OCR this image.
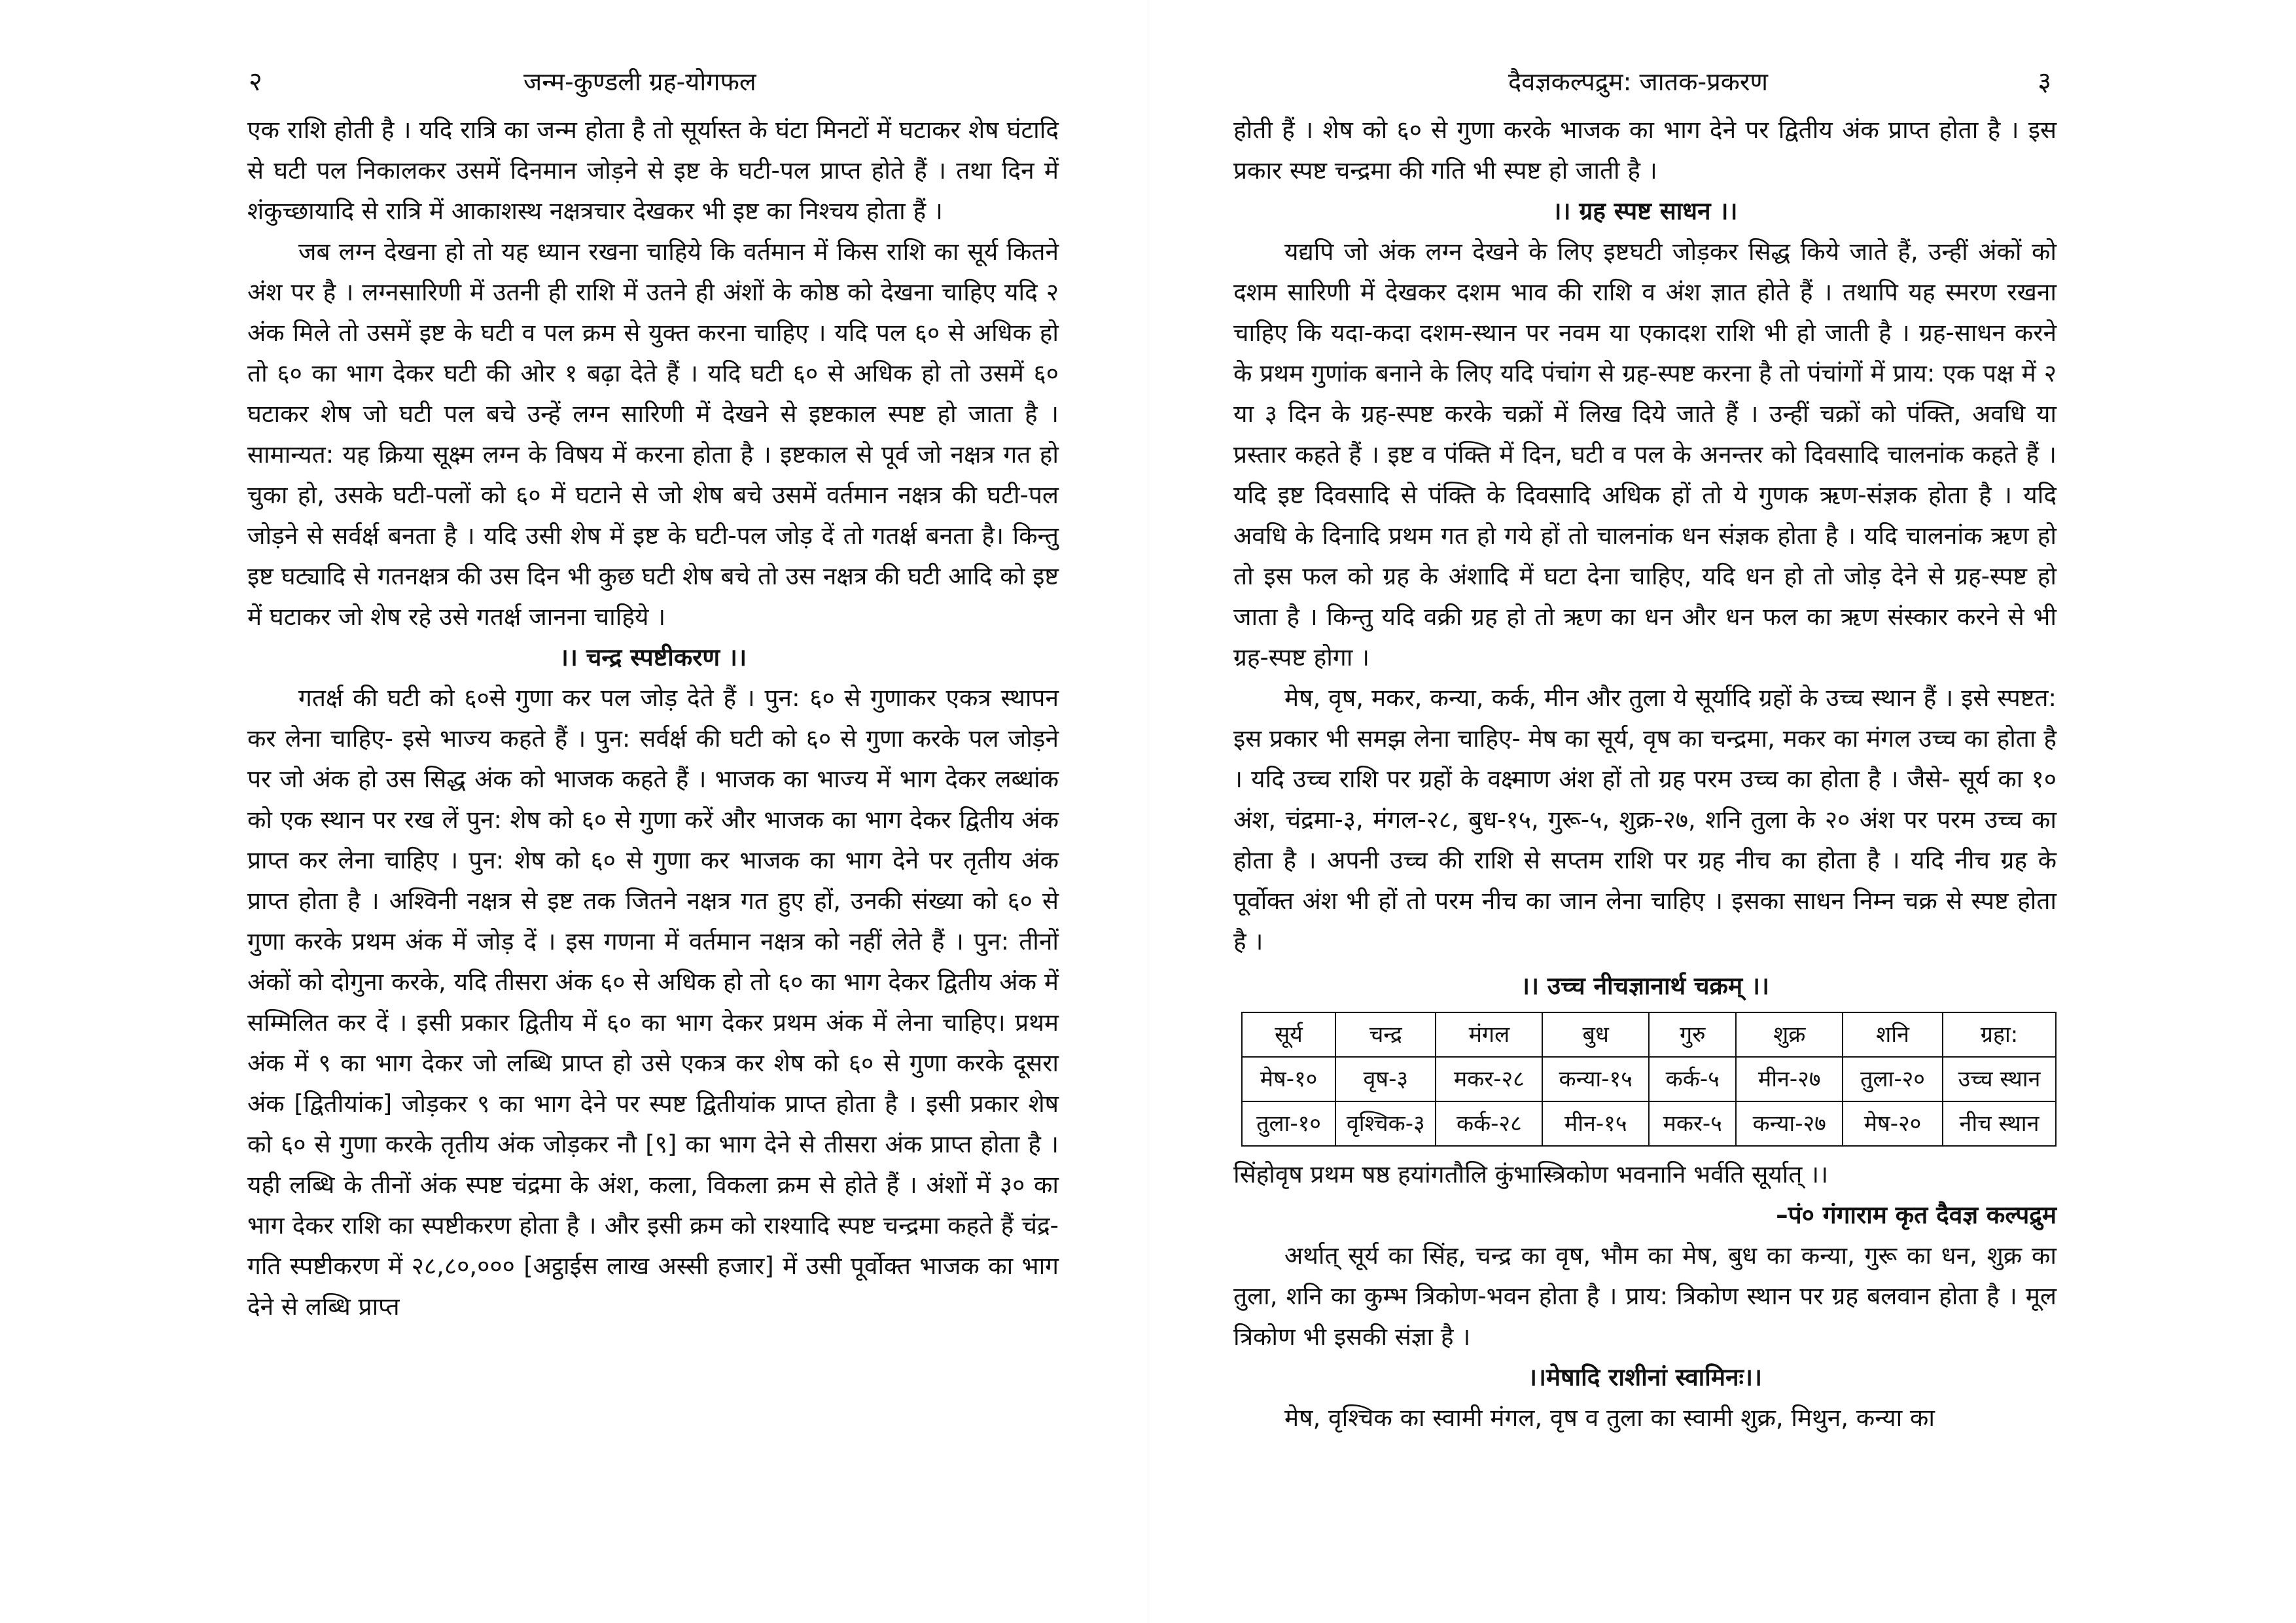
२	जन्म-कुण्डली ग्रह-योगफल

एक राशि होती है । यदि रात्रि का जन्म होता है तो सूर्यास्त के घंटा मिनटों में घटाकर शेष घंटादि से घटी पल निकालकर उसमें दिनमान जोड़ने से इष्ट के घटी-पल प्राप्त होते हैं । तथा दिन में शंकुच्छायादि से रात्रि में आकाशस्थ नक्षत्रचार देखकर भी इष्ट का निश्चय होता हैं ।

जब लग्न देखना हो तो यह ध्यान रखना चाहिये कि वर्तमान में किस राशि का सूर्य कितने अंश पर है । लग्नसारिणी में उतनी ही राशि में उतने ही अंशों के कोष्ठ को देखना चाहिए यदि २ अंक मिले तो उसमें इष्ट के घटी व पल क्रम से युक्त करना चाहिए । यदि पल ६० से अधिक हो तो ६० का भाग देकर घटी की ओर १ बढ़ा देते हैं । यदि घटी ६० से अधिक हो तो उसमें ६० घटाकर शेष जो घटी पल बचे उन्हें लग्न सारिणी में देखने से इष्टकाल स्पष्ट हो जाता है । सामान्यत: यह क्रिया सूक्ष्म लग्न के विषय में करना होता है । इष्टकाल से पूर्व जो नक्षत्र गत हो चुका हो, उसके घटी-पलों को ६० में घटाने से जो शेष बचे उसमें वर्तमान नक्षत्र की घटी-पल जोड़ने से सर्वर्क्ष बनता है । यदि उसी शेष में इष्ट के घटी-पल जोड़ दें तो गतर्क्ष बनता है। किन्तु इष्ट घट्यादि से गतनक्षत्र की उस दिन भी कुछ घटी शेष बचे तो उस नक्षत्र की घटी आदि को इष्ट में घटाकर जो शेष रहे उसे गतर्क्ष जानना चाहिये ।

।। चन्द्र स्पष्टीकरण ।।

गतर्क्ष की घटी को ६०से गुणा कर पल जोड़ देते हैं । पुन: ६० से गुणाकर एकत्र स्थापन कर लेना चाहिए- इसे भाज्य कहते हैं । पुन: सर्वर्क्ष की घटी को ६० से गुणा करके पल जोड़ने पर जो अंक हो उस सिद्ध अंक को भाजक कहते हैं । भाजक का भाज्य में भाग देकर लब्धांक को एक स्थान पर रख लें पुन: शेष को ६० से गुणा करें और भाजक का भाग देकर द्वितीय अंक प्राप्त कर लेना चाहिए । पुन: शेष को ६० से गुणा कर भाजक का भाग देने पर तृतीय अंक प्राप्त होता है । अश्विनी नक्षत्र से इष्ट तक जितने नक्षत्र गत हुए हों, उनकी संख्या को ६० से गुणा करके प्रथम अंक में जोड़ दें । इस गणना में वर्तमान नक्षत्र को नहीं लेते हैं । पुन: तीनों अंकों को दोगुना करके, यदि तीसरा अंक ६० से अधिक हो तो ६० का भाग देकर द्वितीय अंक में सम्मिलित कर दें । इसी प्रकार द्वितीय में ६० का भाग देकर प्रथम अंक में लेना चाहिए। प्रथम अंक में ९ का भाग देकर जो लब्धि प्राप्त हो उसे एकत्र कर शेष को ६० से गुणा करके दूसरा अंक [द्वितीयांक] जोड़कर ९ का भाग देने पर स्पष्ट द्वितीयांक प्राप्त होता है । इसी प्रकार शेष को ६० से गुणा करके तृतीय अंक जोड़कर नौ [९] का भाग देने से तीसरा अंक प्राप्त होता है । यही लब्धि के तीनों अंक स्पष्ट चंद्रमा के अंश, कला, विकला क्रम से होते हैं । अंशों में ३० का भाग देकर राशि का स्पष्टीकरण होता है । और इसी क्रम को राश्यादि स्पष्ट चन्द्रमा कहते हैं चंद्र-गति स्पष्टीकरण में २८,८०,००० [अट्ठाईस लाख अस्सी हजार] में उसी पूर्वोक्त भाजक का भाग देने से लब्धि प्राप्त

दैवज्ञकल्पद्रुम: जातक-प्रकरण	३

होती हैं । शेष को ६० से गुणा करके भाजक का भाग देने पर द्वितीय अंक प्राप्त होता है । इस प्रकार स्पष्ट चन्द्रमा की गति भी स्पष्ट हो जाती है ।

।। ग्रह स्पष्ट साधन ।।

यद्यपि जो अंक लग्न देखने के लिए इष्टघटी जोड़कर सिद्ध किये जाते हैं, उन्हीं अंकों को दशम सारिणी में देखकर दशम भाव की राशि व अंश ज्ञात होते हैं । तथापि यह स्मरण रखना चाहिए कि यदा-कदा दशम-स्थान पर नवम या एकादश राशि भी हो जाती है । ग्रह-साधन करने के प्रथम गुणांक बनाने के लिए यदि पंचांग से ग्रह-स्पष्ट करना है तो पंचांगों में प्राय: एक पक्ष में २ या ३ दिन के ग्रह-स्पष्ट करके चक्रों में लिख दिये जाते हैं । उन्हीं चक्रों को पंक्ति, अवधि या प्रस्तार कहते हैं । इष्ट व पंक्ति में दिन, घटी व पल के अनन्तर को दिवसादि चालनांक कहते हैं । यदि इष्ट दिवसादि से पंक्ति के दिवसादि अधिक हों तो ये गुणक ऋण-संज्ञक होता है । यदि अवधि के दिनादि प्रथम गत हो गये हों तो चालनांक धन संज्ञक होता है । यदि चालनांक ऋण हो तो इस फल को ग्रह के अंशादि में घटा देना चाहिए, यदि धन हो तो जोड़ देने से ग्रह-स्पष्ट हो जाता है । किन्तु यदि वक्री ग्रह हो तो ऋण का धन और धन फल का ऋण संस्कार करने से भी ग्रह-स्पष्ट होगा ।

मेष, वृष, मकर, कन्या, कर्क, मीन और तुला ये सूर्यादि ग्रहों के उच्च स्थान हैं । इसे स्पष्टत: इस प्रकार भी समझ लेना चाहिए- मेष का सूर्य, वृष का चन्द्रमा, मकर का मंगल उच्च का होता है । यदि उच्च राशि पर ग्रहों के वक्ष्माण अंश हों तो ग्रह परम उच्च का होता है । जैसे- सूर्य का १० अंश, चंद्रमा-३, मंगल-२८, बुध-१५, गुरू-५, शुक्र-२७, शनि तुला के २० अंश पर परम उच्च का होता है । अपनी उच्च की राशि से सप्तम राशि पर ग्रह नीच का होता है । यदि नीच ग्रह के पूर्वोक्त अंश भी हों तो परम नीच का जान लेना चाहिए । इसका साधन निम्न चक्र से स्पष्ट होता है ।

।। उच्च नीचज्ञानार्थ चक्रम् ।।

सूर्य	चन्द्र	मंगल	बुध	गुरु	शुक्र	शनि	ग्रहा:
मेष-१०	वृष-३	मकर-२८	कन्या-१५	कर्क-५	मीन-२७	तुला-२०	उच्च स्थान
तुला-१०	वृश्चिक-३	कर्क-२८	मीन-१५	मकर-५	कन्या-२७	मेष-२०	नीच स्थान

सिंहोवृष प्रथम षष्ठ हयांगतौलि कुंभास्त्रिकोण भवनानि भर्वति सूर्यात् ।।

–पं० गंगाराम कृत दैवज्ञ कल्पद्रुम

अर्थात् सूर्य का सिंह, चन्द्र का वृष, भौम का मेष, बुध का कन्या, गुरू का धन, शुक्र का तुला, शनि का कुम्भ त्रिकोण-भवन होता है । प्राय: त्रिकोण स्थान पर ग्रह बलवान होता है । मूल त्रिकोण भी इसकी संज्ञा है ।

।।मेषादि राशीनां स्वामिनः।।

मेष, वृश्चिक का स्वामी मंगल, वृष व तुला का स्वामी शुक्र, मिथुन, कन्या का
